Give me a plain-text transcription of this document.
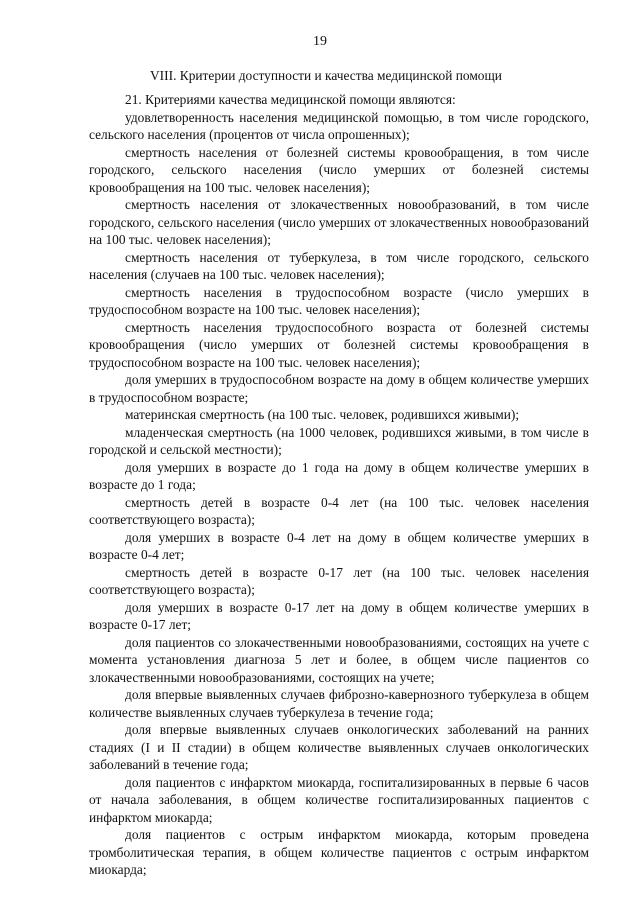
19
VIII. Критерии доступности и качества медицинской помощи

21. Критериями качества медицинской помощи являются:

удовлетворенность населения медицинской помощью, в том числе городского, сельского населения (процентов от числа опрошенных);

смертность населения от болезней системы кровообращения, в том числе городского, сельского населения (число умерших от болезней системы кровообращения на 100 тыс. человек населения);

смертность населения от злокачественных новообразований, в том числе городского, сельского населения (число умерших от злокачественных новообразований на 100 тыс. человек населения);

смертность населения от туберкулеза, в том числе городского, сельского населения (случаев на 100 тыс. человек населения);

смертность населения в трудоспособном возрасте (число умерших в трудоспособном возрасте на 100 тыс. человек населения);

смертность населения трудоспособного возраста от болезней системы кровообращения (число умерших от болезней системы кровообращения в трудоспособном возрасте на 100 тыс. человек населения);

доля умерших в трудоспособном возрасте на дому в общем количестве умерших в трудоспособном возрасте;

материнская смертность (на 100 тыс. человек, родившихся живыми);

младенческая смертность (на 1000 человек, родившихся живыми, в том числе в городской и сельской местности);

доля умерших в возрасте до 1 года на дому в общем количестве умерших в возрасте до 1 года;

смертность детей в возрасте 0-4 лет (на 100 тыс. человек населения соответствующего возраста);

доля умерших в возрасте 0-4 лет на дому в общем количестве умерших в возрасте 0-4 лет;

смертность детей в возрасте 0-17 лет (на 100 тыс. человек населения соответствующего возраста);

доля умерших в возрасте 0-17 лет на дому в общем количестве умерших в возрасте 0-17 лет;

доля пациентов со злокачественными новообразованиями, состоящих на учете с момента установления диагноза 5 лет и более, в общем числе пациентов со злокачественными новообразованиями, состоящих на учете;

доля впервые выявленных случаев фиброзно-кавернозного туберкулеза в общем количестве выявленных случаев туберкулеза в течение года;

доля впервые выявленных случаев онкологических заболеваний на ранних стадиях (I и II стадии) в общем количестве выявленных случаев онкологических заболеваний в течение года;

доля пациентов с инфарктом миокарда, госпитализированных в первые 6 часов от начала заболевания, в общем количестве госпитализированных пациентов с инфарктом миокарда;

доля пациентов с острым инфарктом миокарда, которым проведена тромболитическая терапия, в общем количестве пациентов с острым инфарктом миокарда;
